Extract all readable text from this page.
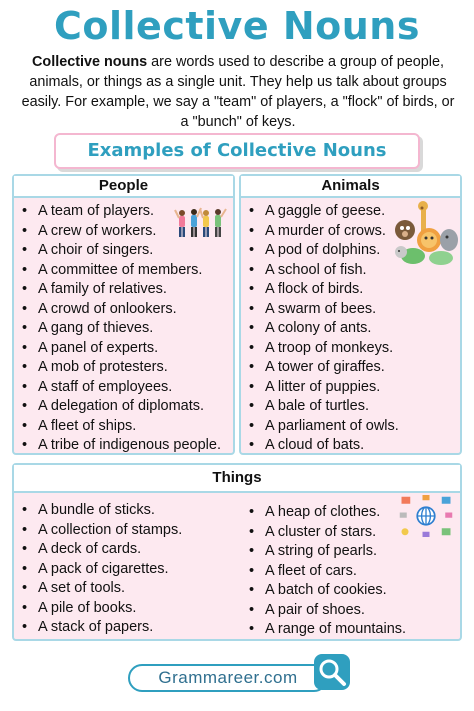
Collective Nouns

Collective nouns are words used to describe a group of people, animals, or things as a single unit. They help us talk about groups easily. For example, we say a "team" of players, a "flock" of birds, or a "bunch" of keys.

Examples of Collective Nouns
People
• A team of players.
• A crew of workers.
• A choir of singers.
• A committee of members.
• A family of relatives.
• A crowd of onlookers.
• A gang of thieves.
• A panel of experts.
• A mob of protesters.
• A staff of employees.
• A delegation of diplomats.
• A fleet of ships.
• A tribe of indigenous people.
Animals
• A gaggle of geese.
• A murder of crows.
• A pod of dolphins.
• A school of fish.
• A flock of birds.
• A swarm of bees.
• A colony of ants.
• A troop of monkeys.
• A tower of giraffes.
• A litter of puppies.
• A bale of turtles.
• A parliament of owls.
• A cloud of bats.
Things
• A bundle of sticks.
• A collection of stamps.
• A deck of cards.
• A pack of cigarettes.
• A set of tools.
• A pile of books.
• A stack of papers.
• A heap of clothes.
• A cluster of stars.
• A string of pearls.
• A fleet of cars.
• A batch of cookies.
• A pair of shoes.
• A range of mountains.
Grammareer.com
